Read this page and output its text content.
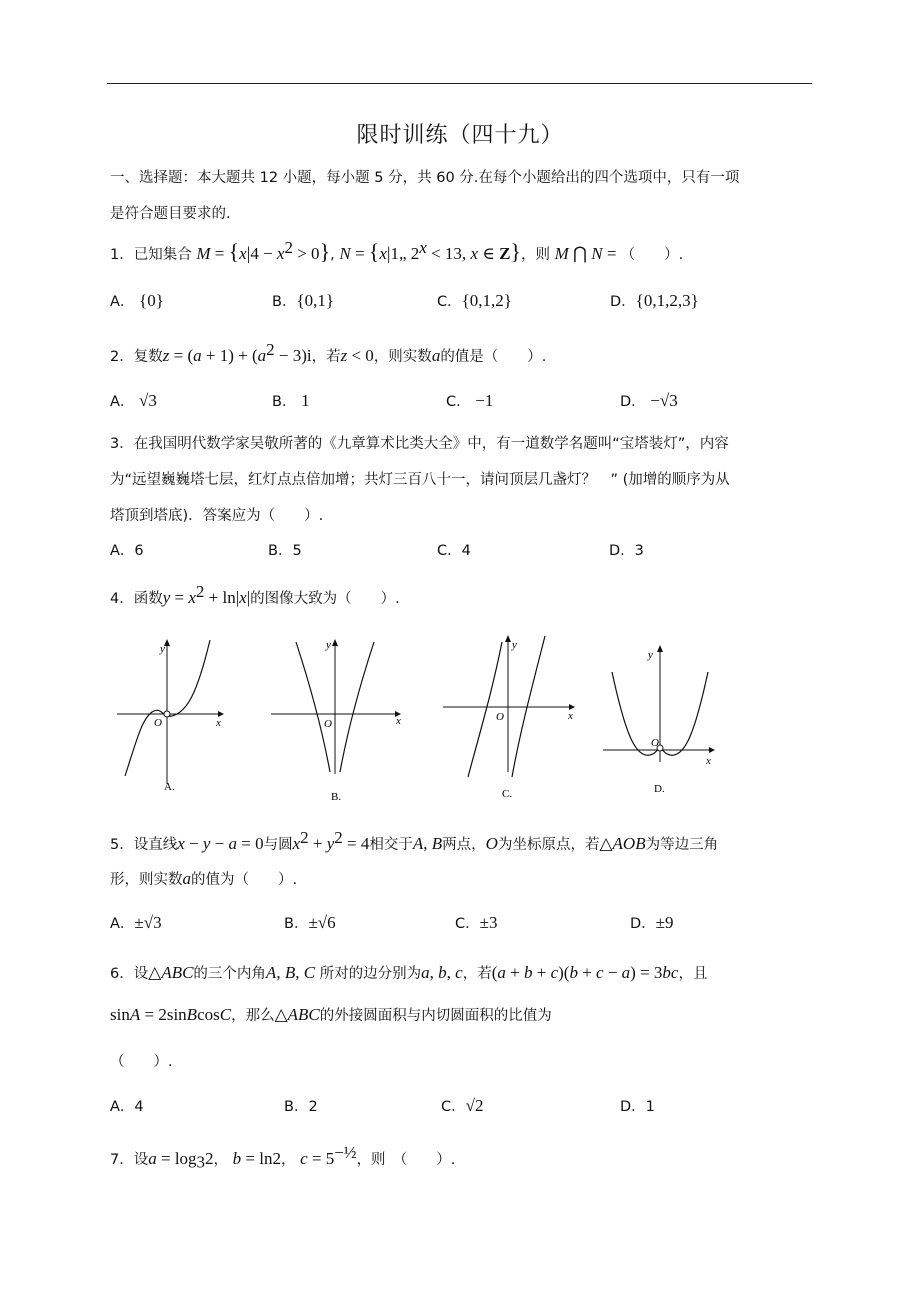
限时训练（四十九）
一、选择题：本大题共 12 小题，每小题 5 分，共 60 分.在每个小题给出的四个选项中，只有一项
是符合题目要求的.
1．已知集合 $M = \{x|4 - x^2 > 0\}$, N = {x|1„ $2^x < 13$, x ∈ Z}，则 M ⋂ N = （　　）.
A． {0}	B．{0,1}	C．{0,1,2}	D．{0,1,2,3}
2．复数$z = (a + 1) + (a^2 - 3)i$，若z < 0，则实数a的值是（　　）.
A． √3	B． 1	C． −1	D． −√3
3．在我国明代数学家吴敬所著的《九章算术比类大全》中，有一道数学名题叫“宝塔装灯”，内容
为“远望巍巍塔七层，红灯点点倍加增；共灯三百八十一，请问顶层几盏灯？　” (加增的顺序为从
塔顶到塔底)．答案应为（　　）.
A．6	B．5	C．4	D．3
4．函数$y = x^2 + \ln|x|$的图像大致为（　　）.
y
x
O
A.
y
x
O
B.
y
x
O
C.
y
x
O
D.
5．设直线x − y − a = 0与圆$x^2 + y^2 = 4$相交于A, B两点，O为坐标原点，若△AOB为等边三角
形，则实数a的值为（　　）.
A．±√3	B．±√6	C．±3	D．±9
6．设△ABC的三个内角A, B, C 所对的边分别为a, b, c，若(a + b + c)(b + c − a) = 3bc，且
sinA = 2sinBcosC，那么△ABC的外接圆面积与内切圆面积的比值为
（　　）.
A．4	B．2	C．√2	D．1
7．设$a = \log_32$， b = ln2， $c = 5^{-\frac{1}{2}}$，则　（　　）.
